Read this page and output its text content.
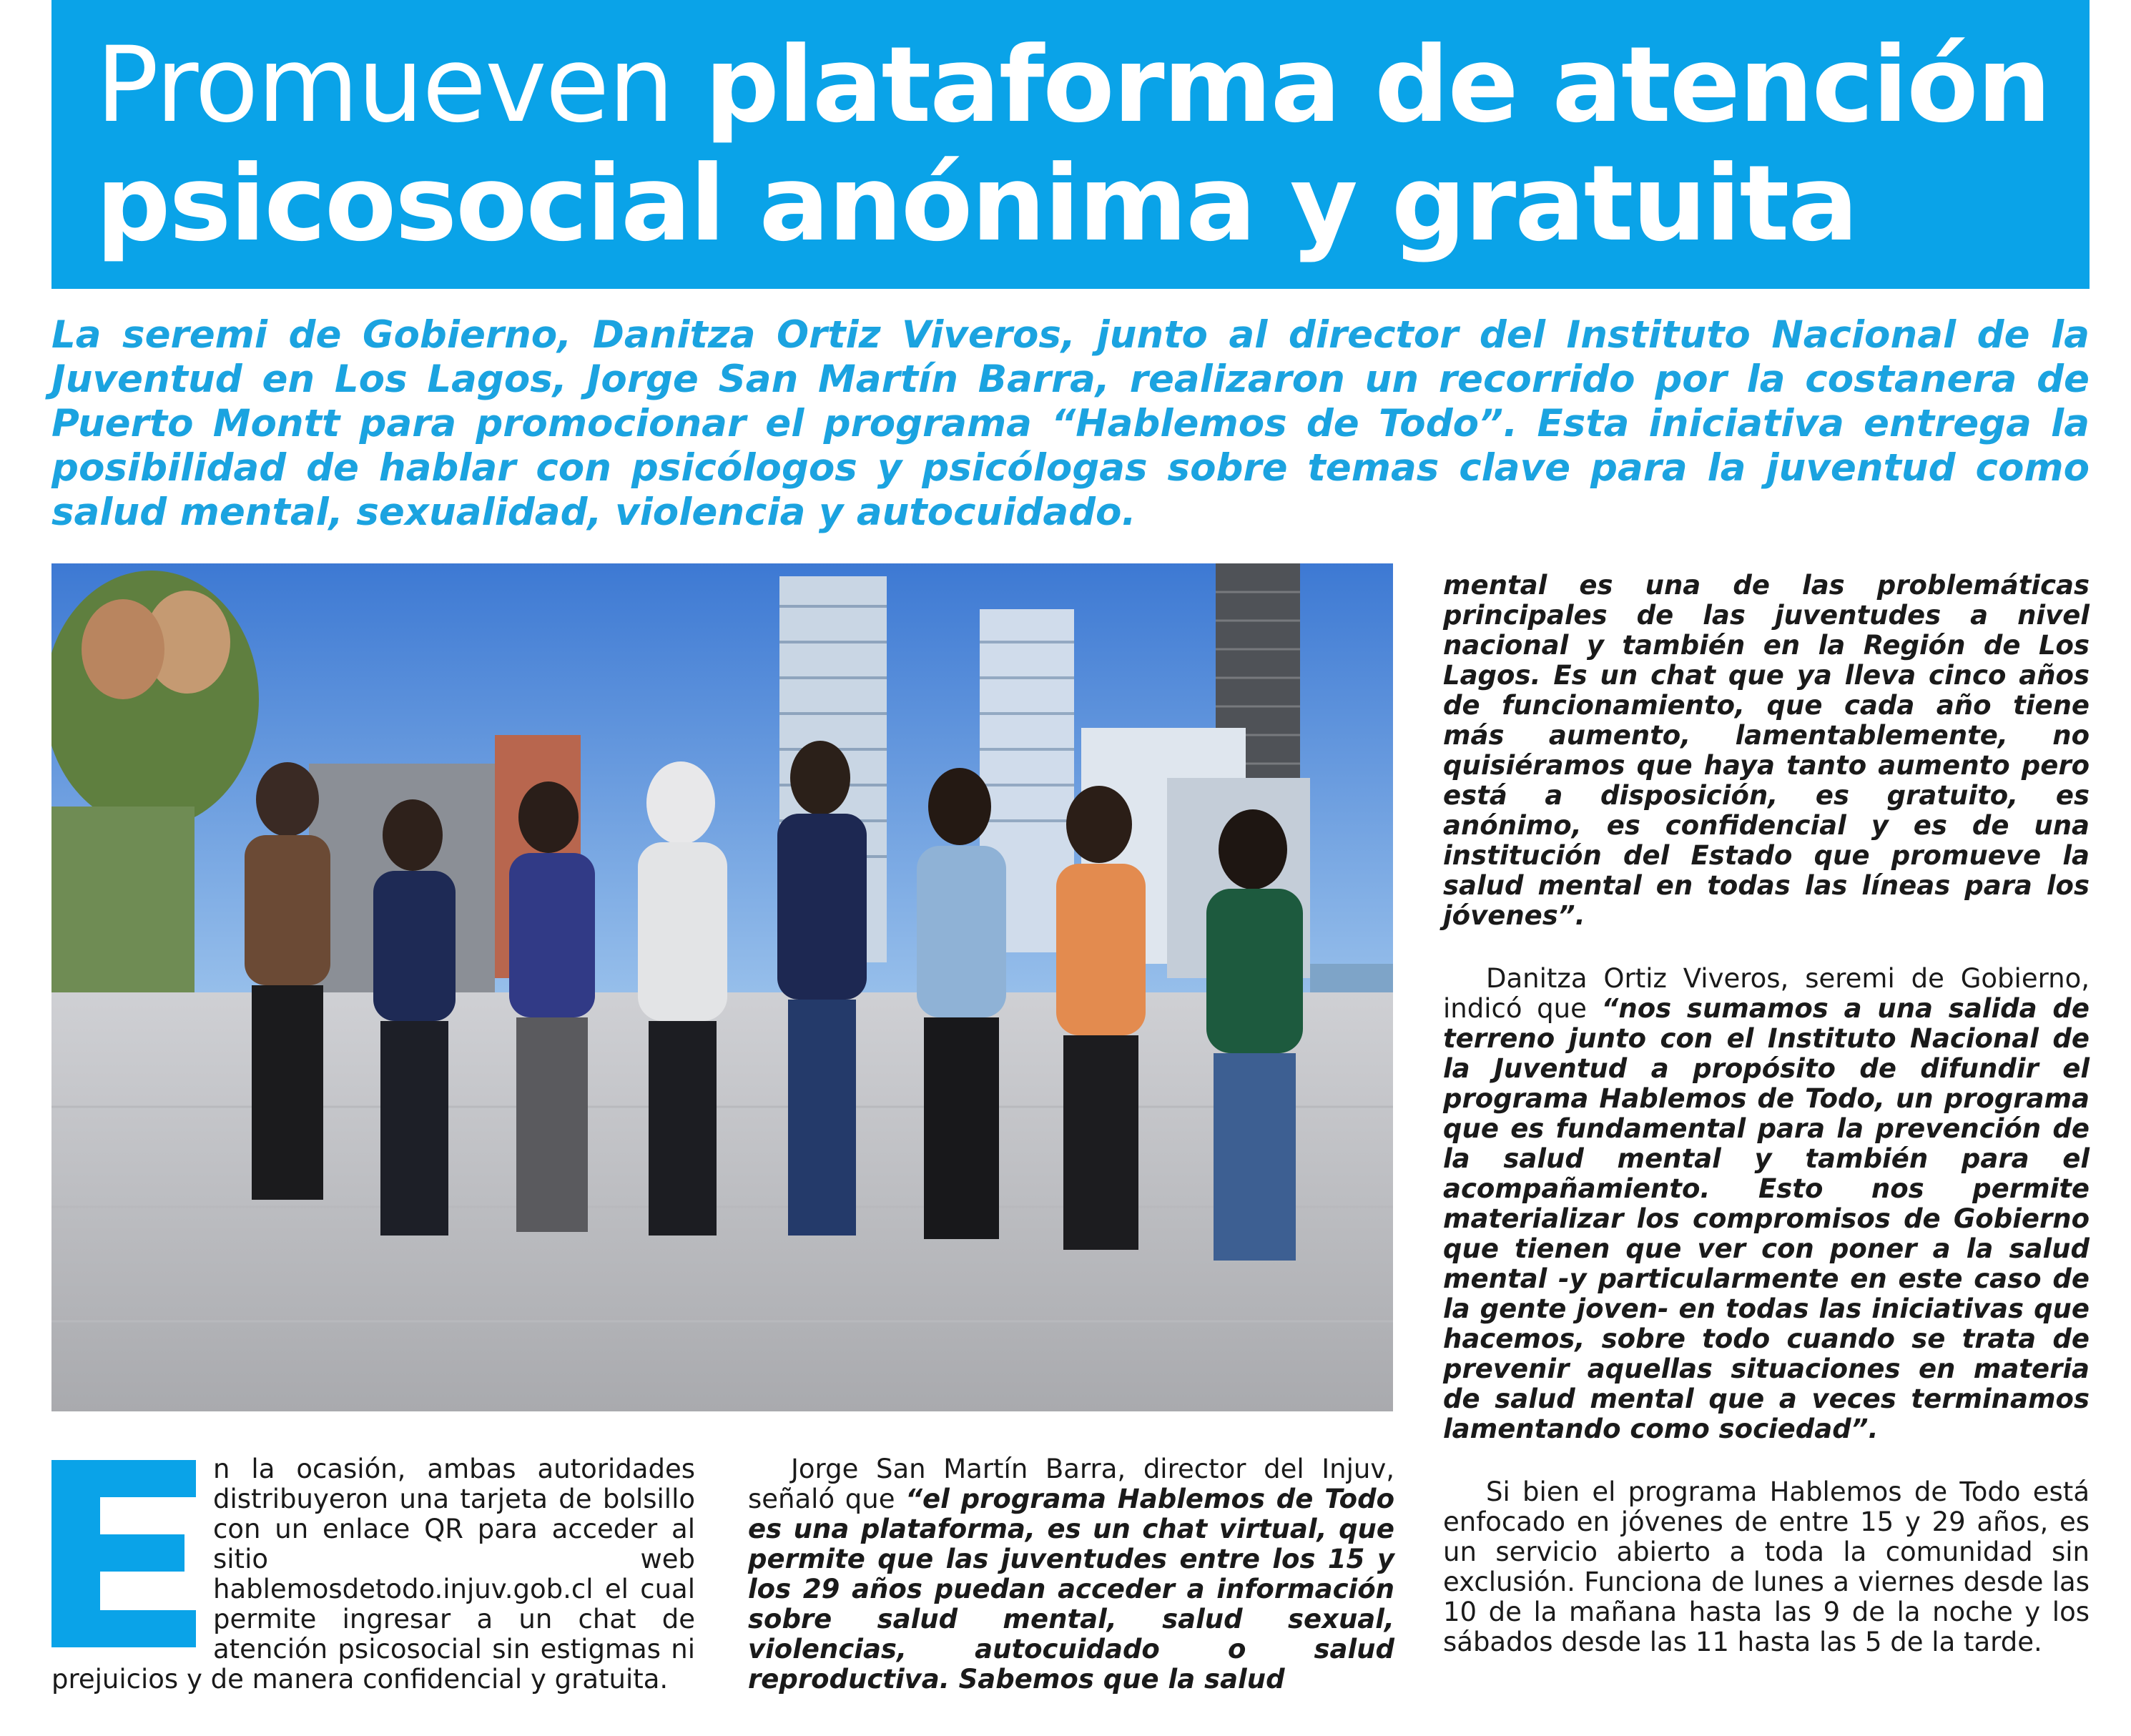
Promueven plataforma de atención
psicosocial anónima y gratuita

La seremi de Gobierno, Danitza Ortiz Viveros, junto al director del Instituto Nacional de la Juventud en Los Lagos, Jorge San Martín Barra, realizaron un recorrido por la costanera de Puerto Montt para promocionar el programa “Hablemos de Todo”. Esta iniciativa entrega la posibilidad de hablar con psicólogos y psicólogas sobre temas clave para la juventud como salud mental, sexualidad, violencia y autocuidado.

n la ocasión, ambas autoridades distribuyeron una tarjeta de bolsillo con un enlace QR para acceder al sitio web hablemosdetodo.injuv.gob.cl el cual permite ingresar a un chat de atención psicosocial sin estigmas ni prejuicios y de manera confidencial y gratuita.

Jorge San Martín Barra, director del Injuv, señaló que “el programa Hablemos de Todo es una plataforma, es un chat virtual, que permite que las juventudes entre los 15 y los 29 años puedan acceder a información sobre salud mental, salud sexual, violencias, autocuidado o salud reproductiva. Sabemos que la salud

mental es una de las problemáticas principales de las juventudes a nivel nacional y también en la Región de Los Lagos. Es un chat que ya lleva cinco años de funcionamiento, que cada año tiene más aumento, lamentablemente, no quisiéramos que haya tanto aumento pero está a disposición, es gratuito, es anónimo, es confidencial y es de una institución del Estado que promueve la salud mental en todas las líneas para los jóvenes”.

Danitza Ortiz Viveros, seremi de Gobierno, indicó que “nos sumamos a una salida de terreno junto con el Instituto Nacional de la Juventud a propósito de difundir el programa Hablemos de Todo, un programa que es fundamental para la prevención de la salud mental y también para el acompañamiento. Esto nos permite materializar los compromisos de Gobierno que tienen que ver con poner a la salud mental -y particularmente en este caso de la gente joven- en todas las iniciativas que hacemos, sobre todo cuando se trata de prevenir aquellas situaciones en materia de salud mental que a veces terminamos lamentando como sociedad”.

Si bien el programa Hablemos de Todo está enfocado en jóvenes de entre 15 y 29 años, es un servicio abierto a toda la comunidad sin exclusión. Funciona de lunes a viernes desde las 10 de la mañana hasta las 9 de la noche y los sábados desde las 11 hasta las 5 de la tarde.
